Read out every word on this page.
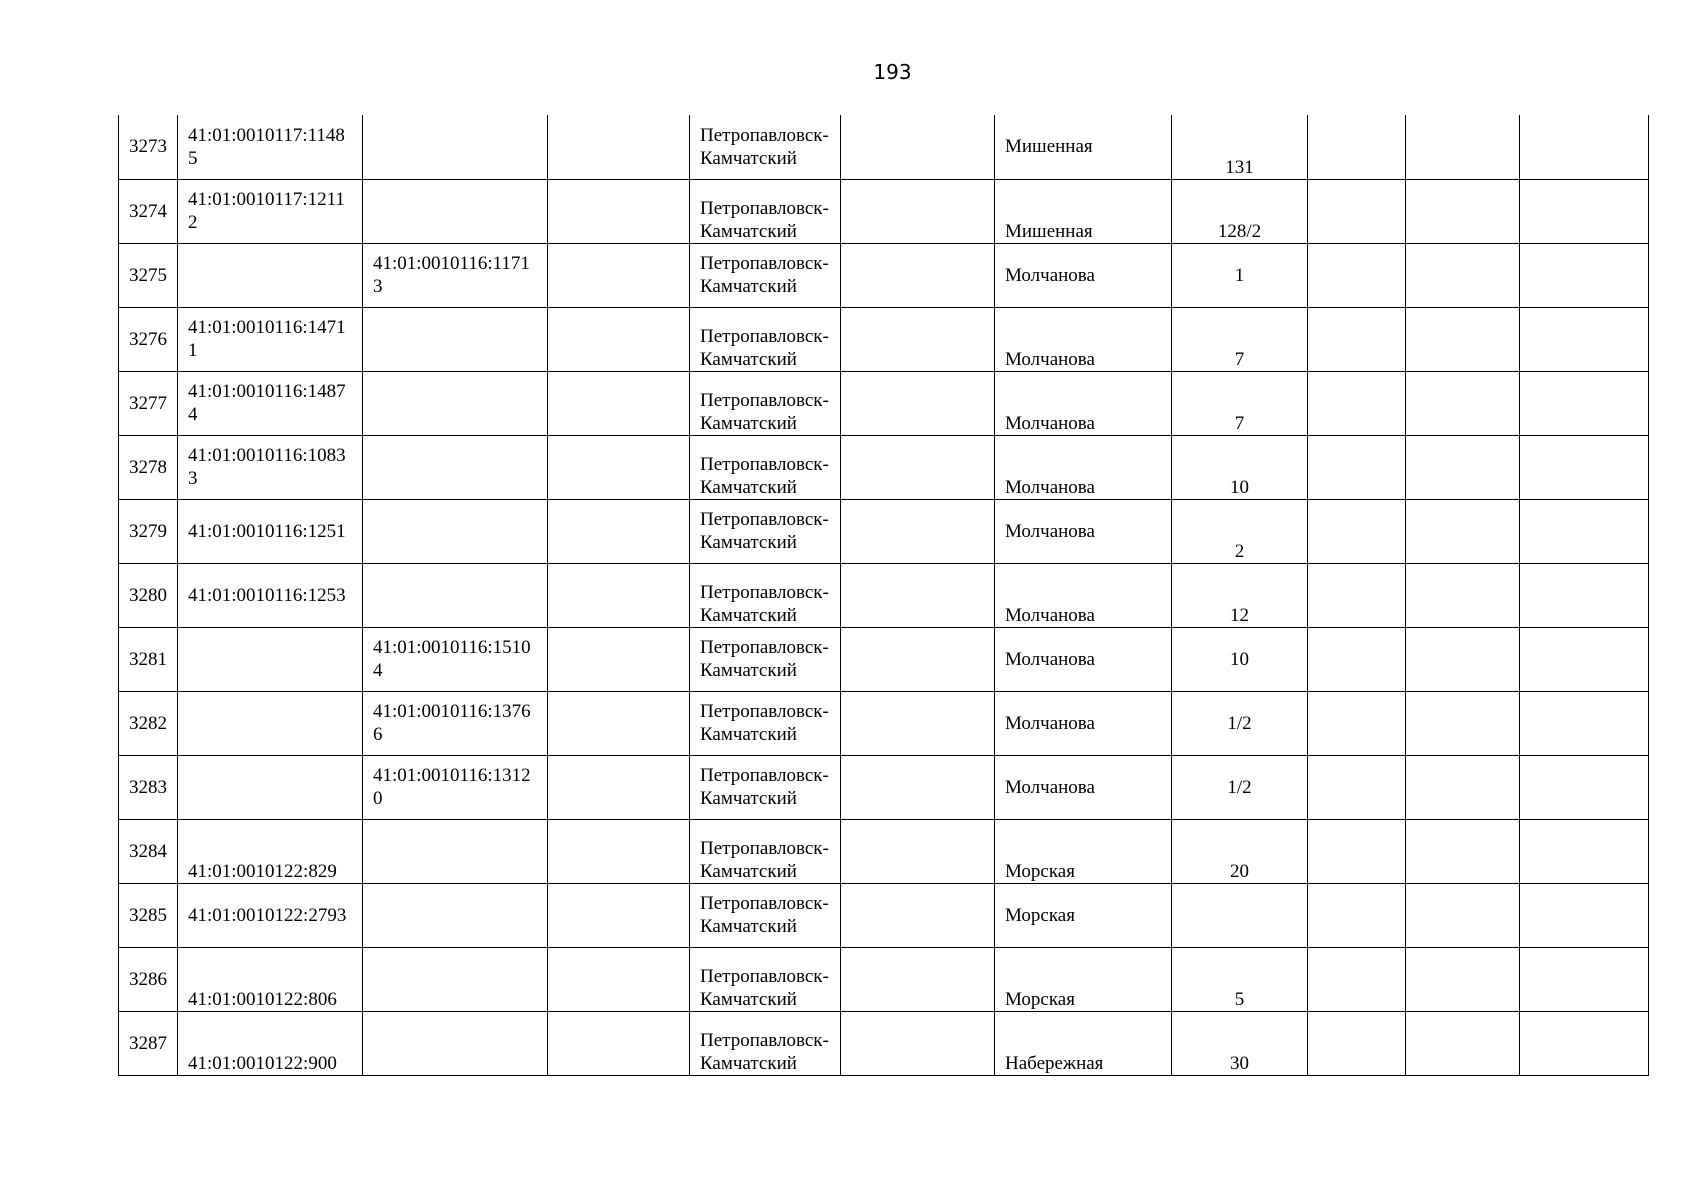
193
3273	41:01:0010117:11485			Петропавловск-Камчатский		Мишенная	131			
3274	41:01:0010117:12112			Петропавловск-Камчатский		Мишенная	128/2			
3275		41:01:0010116:11713		Петропавловск-Камчатский		Молчанова	1			
3276	41:01:0010116:14711			Петропавловск-Камчатский		Молчанова	7			
3277	41:01:0010116:14874			Петропавловск-Камчатский		Молчанова	7			
3278	41:01:0010116:10833			Петропавловск-Камчатский		Молчанова	10			
3279	41:01:0010116:1251			Петропавловск-Камчатский		Молчанова	2			
3280	41:01:0010116:1253			Петропавловск-Камчатский		Молчанова	12			
3281		41:01:0010116:15104		Петропавловск-Камчатский		Молчанова	10			
3282		41:01:0010116:13766		Петропавловск-Камчатский		Молчанова	1/2			
3283		41:01:0010116:13120		Петропавловск-Камчатский		Молчанова	1/2			
3284	41:01:0010122:829			Петропавловск-Камчатский		Морская	20			
3285	41:01:0010122:2793			Петропавловск-Камчатский		Морская				
3286	41:01:0010122:806			Петропавловск-Камчатский		Морская	5			
3287	41:01:0010122:900			Петропавловск-Камчатский		Набережная	30			
